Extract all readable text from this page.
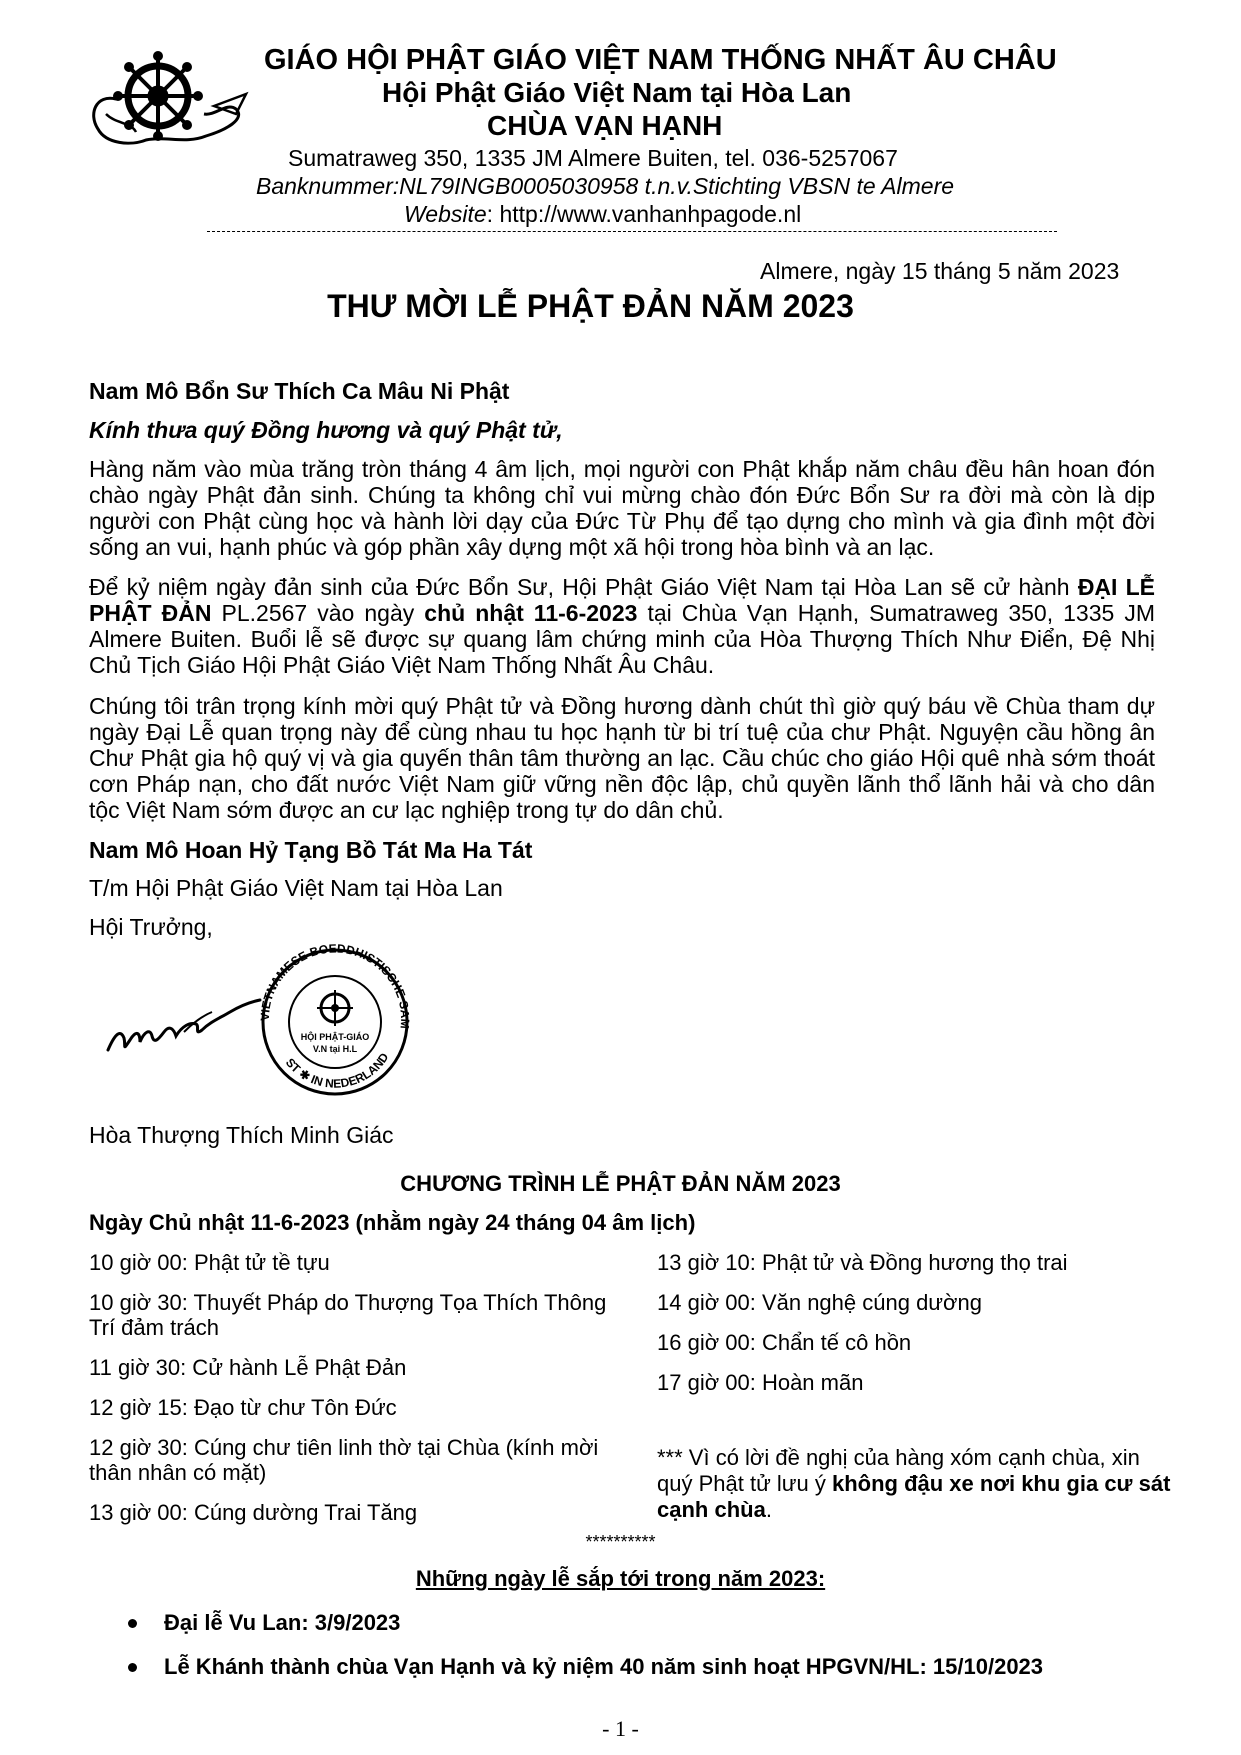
GIÁO HỘI PHẬT GIÁO VIỆT NAM THỐNG NHẤT ÂU CHÂU
Hội Phật Giáo Việt Nam tại Hòa Lan
CHÙA VẠN HẠNH
Sumatraweg 350, 1335 JM Almere Buiten, tel. 036-5257067
Banknummer:NL79INGB0005030958 t.n.v.Stichting VBSN te Almere
Website: http://www.vanhanhpagode.nl
Almere, ngày 15 tháng 5 năm 2023
THƯ MỜI LỄ PHẬT ĐẢN NĂM 2023
Nam Mô Bổn Sư Thích Ca Mâu Ni Phật
Kính thưa quý Đồng hương và quý Phật tử,
Hàng năm vào mùa trăng tròn tháng 4 âm lịch, mọi người con Phật khắp năm châu đều hân hoan đón chào ngày Phật đản sinh. Chúng ta không chỉ vui mừng chào đón Đức Bổn Sư ra đời mà còn là dịp người con Phật cùng học và hành lời dạy của Đức Từ Phụ để tạo dựng cho mình và gia đình một đời sống an vui, hạnh phúc và góp phần xây dựng một xã hội trong hòa bình và an lạc.
Để kỷ niệm ngày đản sinh của Đức Bổn Sư, Hội Phật Giáo Việt Nam tại Hòa Lan sẽ cử hành ĐẠI LỄ PHẬT ĐẢN PL.2567 vào ngày chủ nhật 11-6-2023 tại Chùa Vạn Hạnh, Sumatraweg 350, 1335 JM Almere Buiten. Buổi lễ sẽ được sự quang lâm chứng minh của Hòa Thượng Thích Như Điển, Đệ Nhị Chủ Tịch Giáo Hội Phật Giáo Việt Nam Thống Nhất Âu Châu.
Chúng tôi trân trọng kính mời quý Phật tử và Đồng hương dành chút thì giờ quý báu về Chùa tham dự ngày Đại Lễ quan trọng này để cùng nhau tu học hạnh từ bi trí tuệ của chư Phật. Nguyện cầu hồng ân Chư Phật gia hộ quý vị và gia quyến thân tâm thường an lạc. Cầu chúc cho giáo Hội quê nhà sớm thoát cơn Pháp nạn, cho đất nước Việt Nam giữ vững nền độc lập, chủ quyền lãnh thổ lãnh hải và cho dân tộc Việt Nam sớm được an cư lạc nghiệp trong tự do dân chủ.
Nam Mô Hoan Hỷ Tạng Bồ Tát Ma Ha Tát
T/m Hội Phật Giáo Việt Nam tại Hòa Lan
Hội Trưởng,
VIETNAMESE BOEDDHISTISCHE S
ST ✱ IN NEDERLAND
HỘI PHẬT-GIÁO
V.N tại H.L
Hòa Thượng Thích Minh Giác
CHƯƠNG TRÌNH LỄ PHẬT ĐẢN NĂM 2023
Ngày Chủ nhật 11-6-2023 (nhằm ngày 24 tháng 04 âm lịch)
10 giờ 00: Phật tử tề tựu
10 giờ 30: Thuyết Pháp do Thượng Tọa Thích Thông Trí đảm trách
11 giờ 30: Cử hành Lễ Phật Đản
12 giờ 15: Đạo từ chư Tôn Đức
12 giờ 30: Cúng chư tiên linh thờ tại Chùa (kính mời thân nhân có mặt)
13 giờ 00: Cúng dường Trai Tăng
13 giờ 10: Phật tử và Đồng hương thọ trai
14 giờ 00: Văn nghệ cúng dường
16 giờ 00: Chẩn tế cô hồn
17 giờ 00: Hoàn mãn
*** Vì có lời đề nghị của hàng xóm cạnh chùa, xin quý Phật tử lưu ý không đậu xe nơi khu gia cư sát cạnh chùa.
**********
Những ngày lễ sắp tới trong năm 2023:
Đại lễ Vu Lan: 3/9/2023
Lễ Khánh thành chùa Vạn Hạnh và kỷ niệm 40 năm sinh hoạt HPGVN/HL: 15/10/2023
- 1 -
